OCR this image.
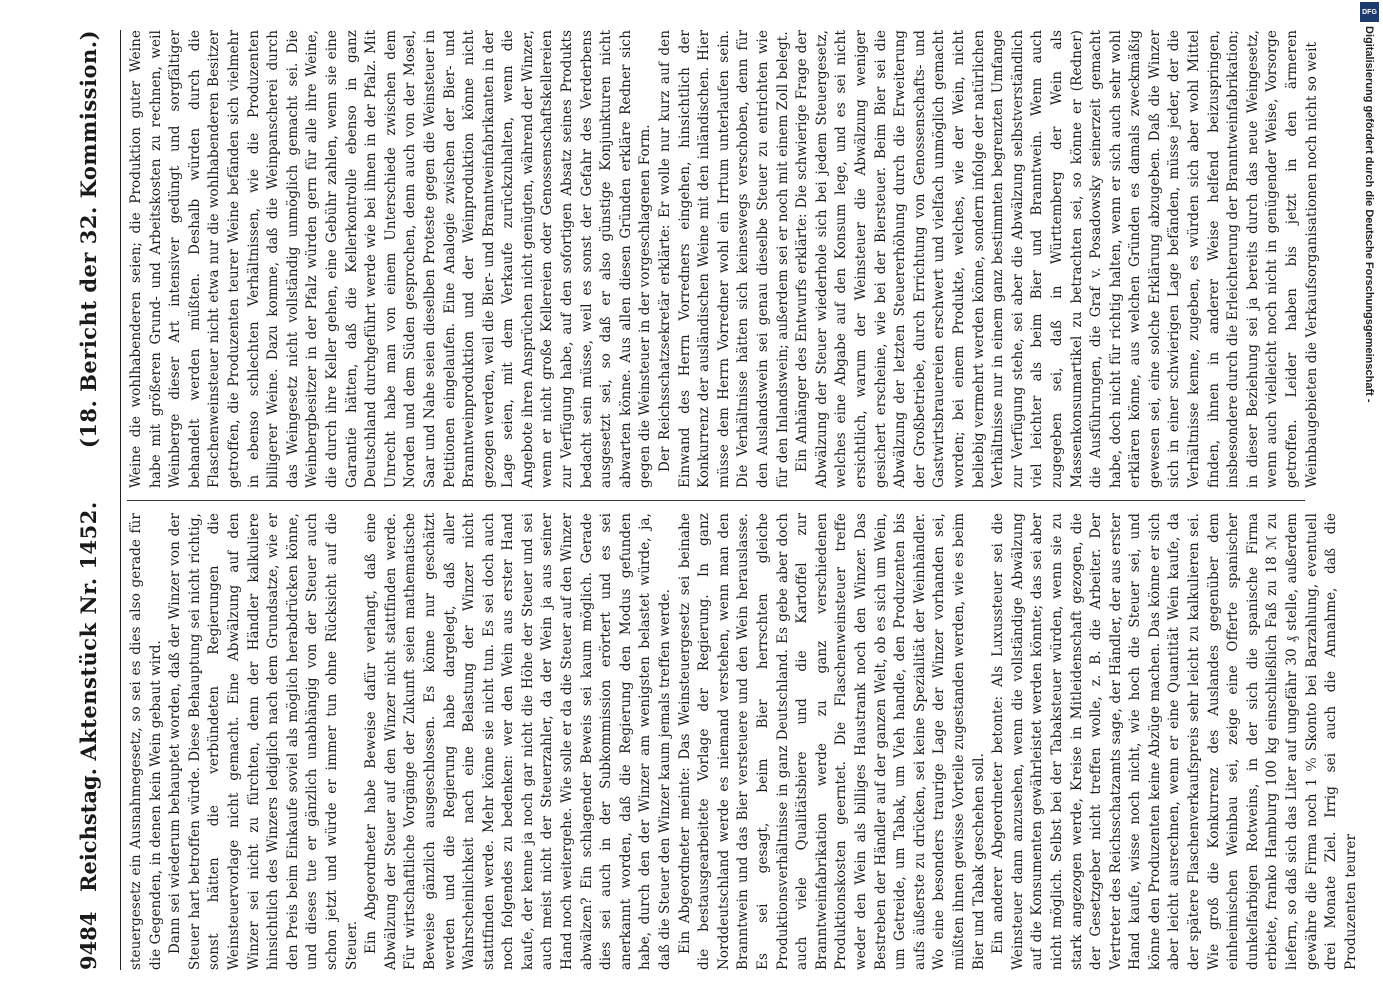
9484
Reichstag.
Aktenstück Nr. 1452.
(18. Bericht der 32. Kommission.)

steuergesetz ein Ausnahmegesetz, so sei es dies also gerade für die Gegenden, in denen kein Wein gebaut wird. Dann sei wiederum behauptet worden, daß der Winzer von der Steuer hart betroffen würde. Diese Behauptung sei nicht richtig, sonst hätten die verbündeten Regierungen die Weinsteuervorlage nicht gemacht. Eine Abwälzung auf den Winzer sei nicht zu fürchten, denn der Händler kalkuliere hinsichtlich des Winzers lediglich nach dem Grundsatze, wie er den Preis beim Einkaufe soviel als möglich herabdrücken könne, und dieses tue er gänzlich unabhängig von der Steuer auch schon jetzt und würde er immer tun ohne Rücksicht auf die Steuer. Ein Abgeordneter habe Beweise dafür verlangt, daß eine Abwälzung der Steuer auf den Winzer nicht stattfinden werde. Für wirtschaftliche Vorgänge der Zukunft seien mathematische Beweise gänzlich ausgeschlossen. Es könne nur geschätzt werden und die Regierung habe dargelegt, daß aller Wahrscheinlichkeit nach eine Belastung der Winzer nicht stattfinden werde. Mehr könne sie nicht tun. Es sei doch auch noch folgendes zu bedenken: wer den Wein aus erster Hand kaufe, der kenne ja noch gar nicht die Höhe der Steuer und sei auch meist nicht der Steuerzahler, da der Wein ja aus seiner Hand noch weitergehe. Wie solle er da die Steuer auf den Winzer abwälzen? Ein schlagender Beweis sei kaum möglich. Gerade dies sei auch in der Subkommission erörtert und es sei anerkannt worden, daß die Regierung den Modus gefunden habe, durch den der Winzer am wenigsten belastet würde, ja, daß die Steuer den Winzer kaum jemals treffen werde. Ein Abgeordneter meinte: Das Weinsteuergesetz sei beinahe die bestausgearbeitete Vorlage der Regierung. In ganz Norddeutschland werde es niemand verstehen, wenn man den Branntwein und das Bier versteuere und den Wein herauslasse. Es sei gesagt, beim Bier herrschten gleiche Produktionsverhältnisse in ganz Deutschland. Es gebe aber doch auch viele Qualitätsbiere und die Kartoffel zur Branntweinfabrikation werde zu ganz verschiedenen Produktionskosten geerntet. Die Flaschenweinsteuer treffe weder den Wein als billiges Haustrank noch den Winzer. Das Bestreben der Händler auf der ganzen Welt, ob es sich um Wein, um Getreide, um Tabak, um Vieh handle, den Produzenten bis aufs äußerste zu drücken, sei keine Spezialität der Weinhändler. Wo eine besonders traurige Lage der Winzer vorhanden sei, müßten ihnen gewisse Vorteile zugestanden werden, wie es beim Bier und Tabak geschehen soll. Ein anderer Abgeordneter betonte: Als Luxussteuer sei die Weinsteuer dann anzusehen, wenn die vollständige Abwälzung auf die Konsumenten gewährleistet werden könnte; das sei aber nicht möglich. Selbst bei der Tabaksteuer würden, wenn sie zu stark angezogen werde, Kreise in Mitleidenschaft gezogen, die der Gesetzgeber nicht treffen wolle, z. B. die Arbeiter. Der Vertreter des Reichsschatzamts sage, der Händler, der aus erster Hand kaufe, wisse noch nicht, wie hoch die Steuer sei, und könne den Produzenten keine Abzüge machen. Das könne er sich aber leicht ausrechnen, wenn er eine Quantität Wein kaufe, da der spätere Flaschenverkaufspreis sehr leicht zu kalkulieren sei. Wie groß die Konkurrenz des Auslandes gegenüber dem einheimischen Weinbau sei, zeige eine Offerte spanischer dunkelfarbigen Rotweins, in der sich die spanische Firma erbiete, franko Hamburg 100 kg einschließlich Faß zu 18 ℳ zu liefern, so daß sich das Liter auf ungefähr 30 ₰ stelle, außerdem gewähre die Firma noch 1 ⁰⁄₀ Skonto bei Barzahlung, eventuell drei Monate Ziel. Irrig sei auch die Annahme, daß die Produzenten teurer

Weine die wohlhabenderen seien; die Produktion guter Weine habe mit größeren Grund- und Arbeitskosten zu rechnen, weil Weinberge dieser Art intensiver gedüngt und sorgfältiger behandelt werden müßten. Deshalb würden durch die Flaschenweinsteuer nicht etwa nur die wohlhabenderen Besitzer getroffen, die Produzenten teurer Weine befänden sich vielmehr in ebenso schlechten Verhältnissen, wie die Produzenten billigerer Weine. Dazu komme, daß die Weinpanscherei durch das Weingesetz nicht vollständig unmöglich gemacht sei. Die Weinbergbesitzer in der Pfalz würden gern für alle ihre Weine, die durch ihre Keller gehen, eine Gebühr zahlen, wenn sie eine Garantie hätten, daß die Kellerkontrolle ebenso in ganz Deutschland durchgeführt werde wie bei ihnen in der Pfalz. Mit Unrecht habe man von einem Unterschiede zwischen dem Norden und dem Süden gesprochen, denn auch von der Mosel, Saar und Nahe seien dieselben Proteste gegen die Weinsteuer in Petitionen eingelaufen. Eine Analogie zwischen der Bier- und Branntweinproduktion und der Weinproduktion könne nicht gezogen werden, weil die Bier- und Branntweinfabrikanten in der Lage seien, mit dem Verkaufe zurückzuhalten, wenn die Angebote ihren Ansprüchen nicht genügten, während der Winzer, wenn er nicht große Kellereien oder Genossenschaftskellereien zur Verfügung habe, auf den sofortigen Absatz seines Produkts bedacht sein müsse, weil es sonst der Gefahr des Verderbens ausgesetzt sei, so daß er also günstige Konjunkturen nicht abwarten könne. Aus allen diesen Gründen erkläre Redner sich gegen die Weinsteuer in der vorgeschlagenen Form. Der Reichsschatzsekretär erklärte: Er wolle nur kurz auf den Einwand des Herrn Vorredners eingehen, hinsichtlich der Konkurrenz der ausländischen Weine mit den inländischen. Hier müsse dem Herrn Vorredner wohl ein Irrtum unterlaufen sein. Die Verhältnisse hätten sich keineswegs verschoben, denn für den Auslandswein sei genau dieselbe Steuer zu entrichten wie für den Inlandswein; außerdem sei er noch mit einem Zoll belegt. Ein Anhänger des Entwurfs erklärte: Die schwierige Frage der Abwälzung der Steuer wiederhole sich bei jedem Steuergesetz, welches eine Abgabe auf den Konsum lege, und es sei nicht ersichtlich, warum der Weinsteuer die Abwälzung weniger gesichert erscheine, wie bei der Biersteuer. Beim Bier sei die Abwälzung der letzten Steuererhöhung durch die Erweiterung der Großbetriebe, durch Errichtung von Genossenschafts- und Gastwirtsbrauereien erschwert und vielfach unmöglich gemacht worden; bei einem Produkte, welches, wie der Wein, nicht beliebig vermehrt werden könne, sondern infolge der natürlichen Verhältnisse nur in einem ganz bestimmten begrenzten Umfange zur Verfügung stehe, sei aber die Abwälzung selbstverständlich viel leichter als beim Bier und Branntwein. Wenn auch zugegeben sei, daß in Württemberg der Wein als Massenkonsumartikel zu betrachten sei, so könne er (Redner) die Ausführungen, die Graf v. Posadowsky seinerzeit gemacht habe, doch nicht für richtig halten, wenn er sich auch sehr wohl erklären könne, aus welchen Gründen es damals zweckmäßig gewesen sei, eine solche Erklärung abzugeben. Daß die Winzer sich in einer schwierigen Lage befänden, müsse jeder, der die Verhältnisse kenne, zugeben, es würden sich aber wohl Mittel finden, ihnen in anderer Weise helfend beizuspringen, insbesondere durch die Erleichterung der Branntweinfabrikation; in dieser Beziehung sei ja bereits durch das neue Weingesetz, wenn auch vielleicht noch nicht in genügender Weise, Vorsorge getroffen. Leider haben bis jetzt in den ärmeren Weinbaugebieten die Verkaufsorganisationen noch nicht so weit

DFG
Digitalisierung gefördert durch die Deutsche Forschungsgemeinschaft -
